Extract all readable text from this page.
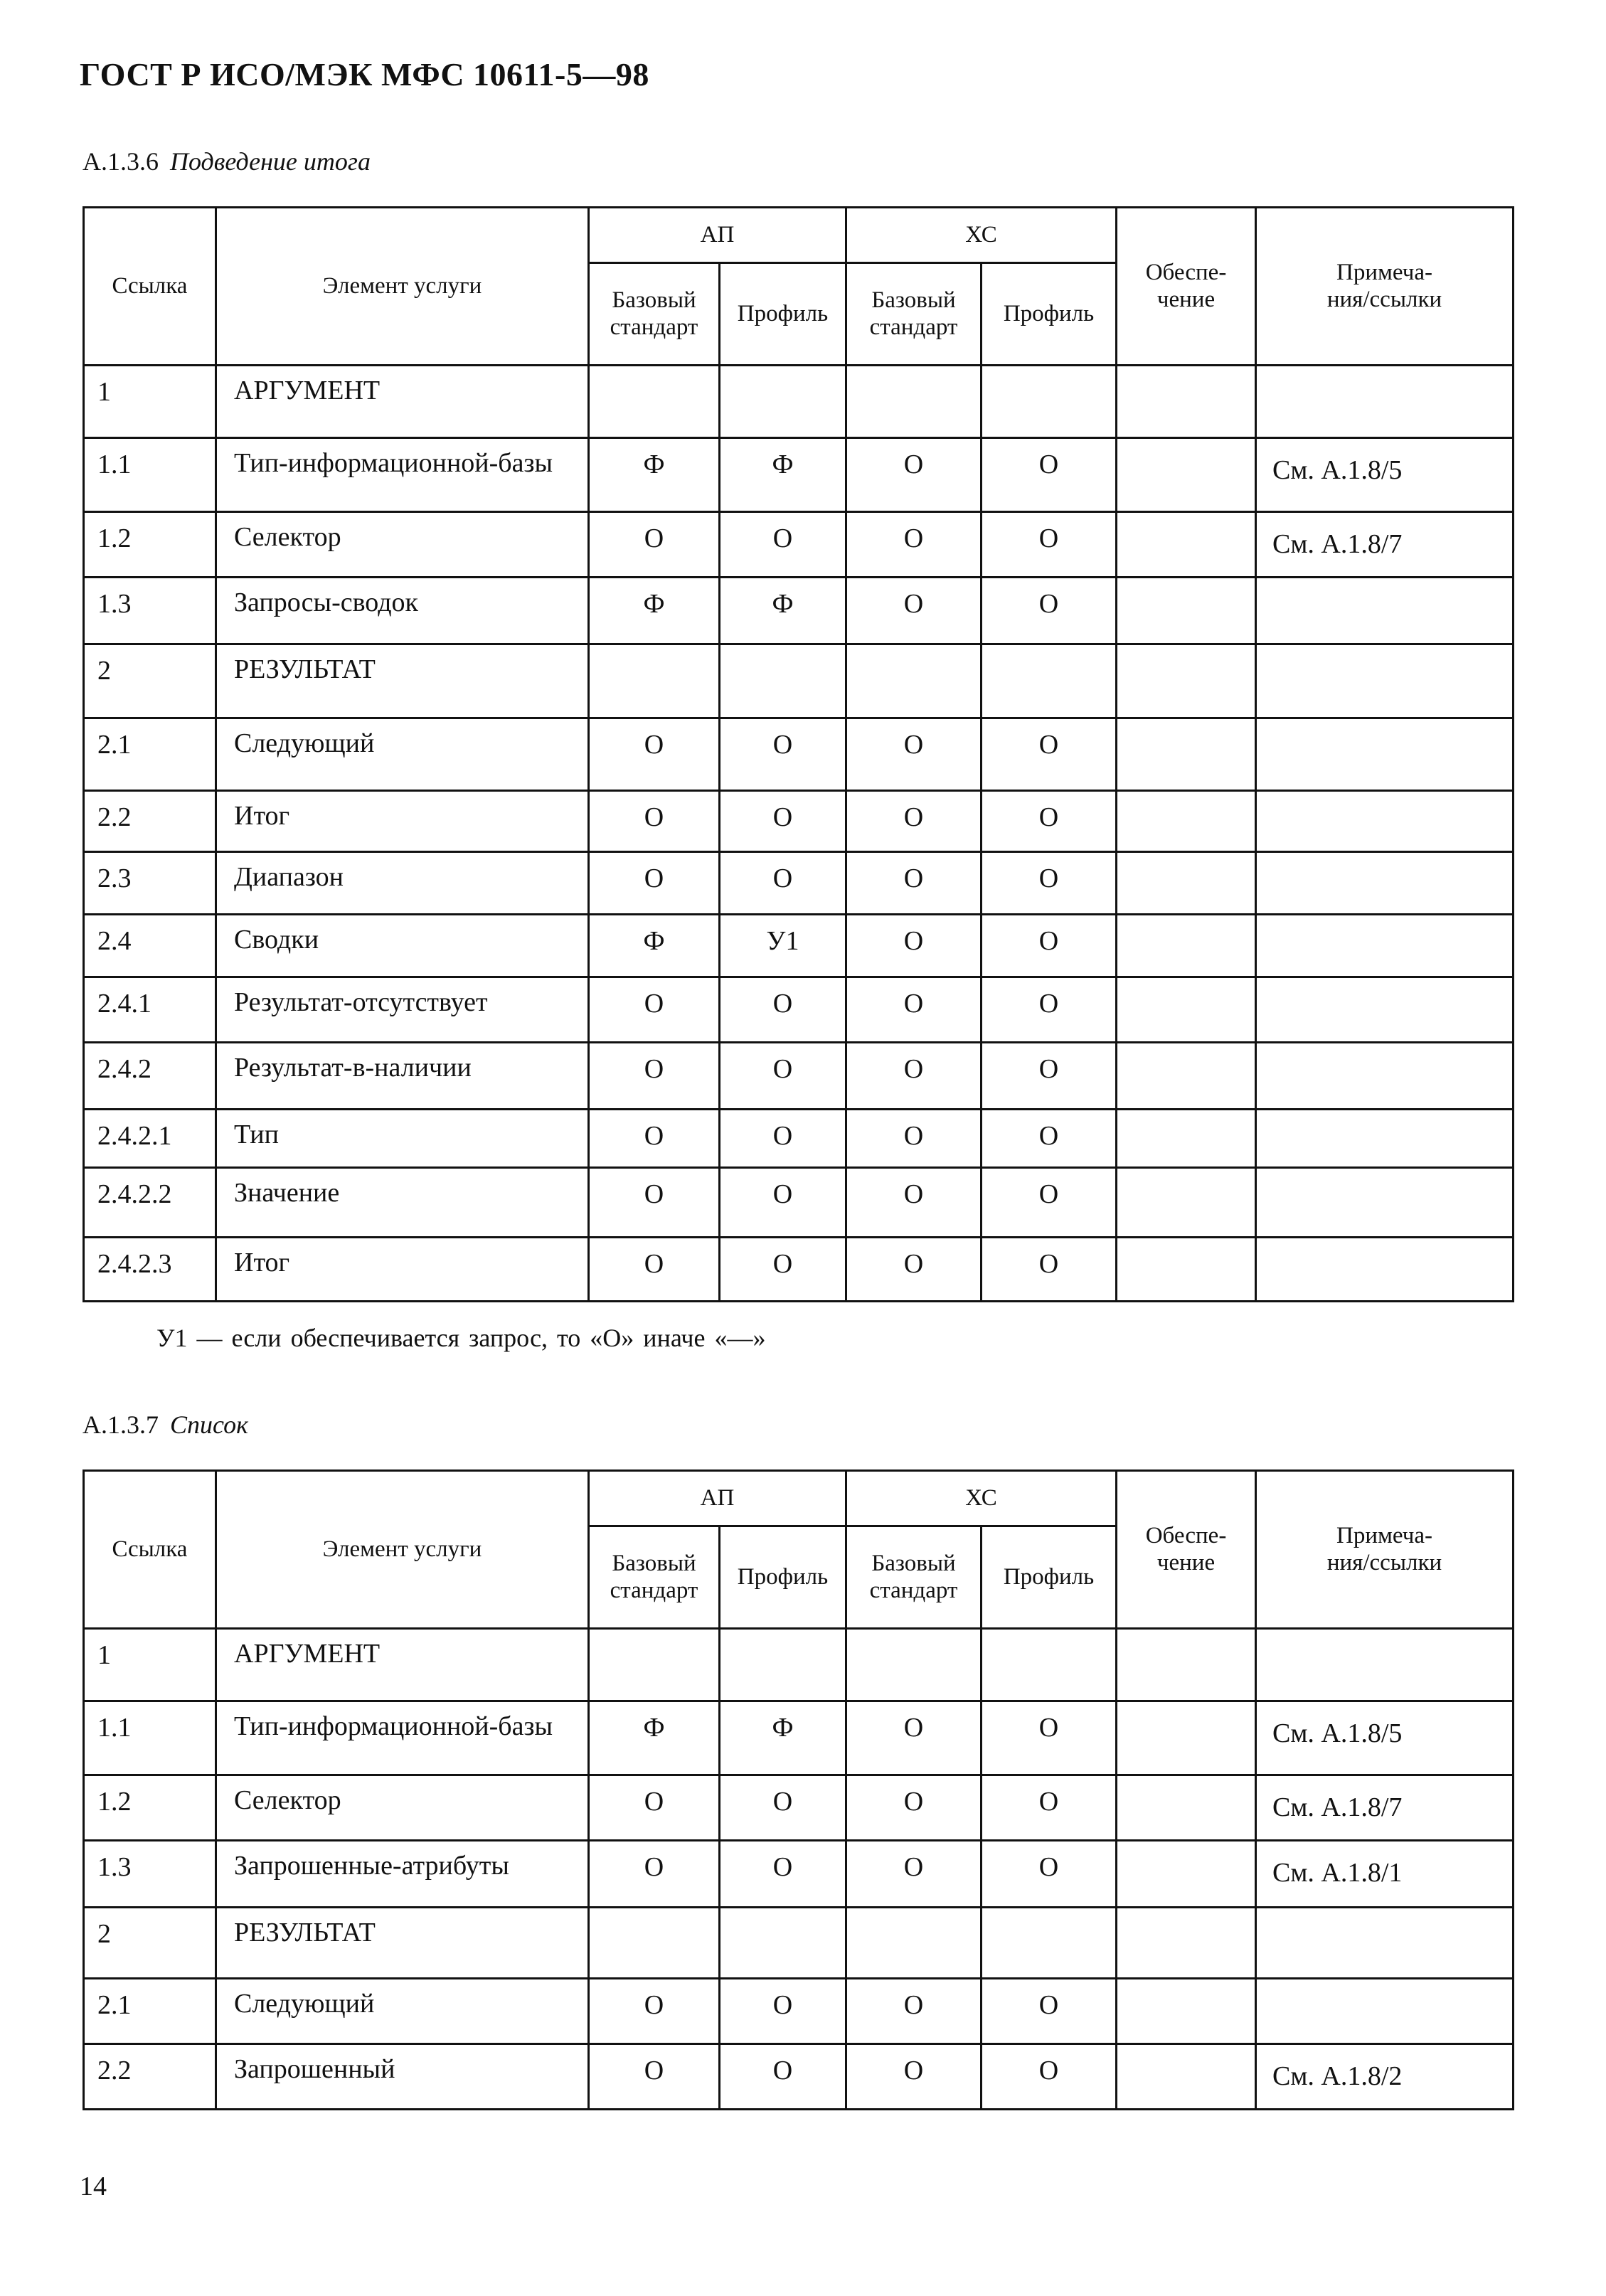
ГОСТ Р ИСО/МЭК МФС 10611-5—98
А.1.3.6 Подведение итога
Ссылка	Элемент услуги	АП		ХС		Обеспе-
чение	Примеча-
ния/ссылки
		Базовый
стандарт	Профиль	Базовый
стандарт	Профиль		
1	АРГУМЕНТ						
1.1	Тип-информационной-базы	Ф	Ф	О	О		См. А.1.8/5
1.2	Селектор	О	О	О	О		См. А.1.8/7
1.3	Запросы-сводок	Ф	Ф	О	О		
2	РЕЗУЛЬТАТ						
2.1	Следующий	О	О	О	О		
2.2	Итог	О	О	О	О		
2.3	Диапазон	О	О	О	О		
2.4	Сводки	Ф	У1	О	О		
2.4.1	Результат-отсутствует	О	О	О	О		
2.4.2	Результат-в-наличии	О	О	О	О		
2.4.2.1	Тип	О	О	О	О		
2.4.2.2	Значение	О	О	О	О		
2.4.2.3	Итог	О	О	О	О		
У1 — если обеспечивается запрос, то «О» иначе «—»
А.1.3.7 Список
Ссылка	Элемент услуги	АП		ХС		Обеспе-
чение	Примеча-
ния/ссылки
		Базовый
стандарт	Профиль	Базовый
стандарт	Профиль		
1	АРГУМЕНТ						
1.1	Тип-информационной-базы	Ф	Ф	О	О		См. А.1.8/5
1.2	Селектор	О	О	О	О		См. А.1.8/7
1.3	Запрошенные-атрибуты	О	О	О	О		См. А.1.8/1
2	РЕЗУЛЬТАТ						
2.1	Следующий	О	О	О	О		
2.2	Запрошенный	О	О	О	О		См. А.1.8/2
14
